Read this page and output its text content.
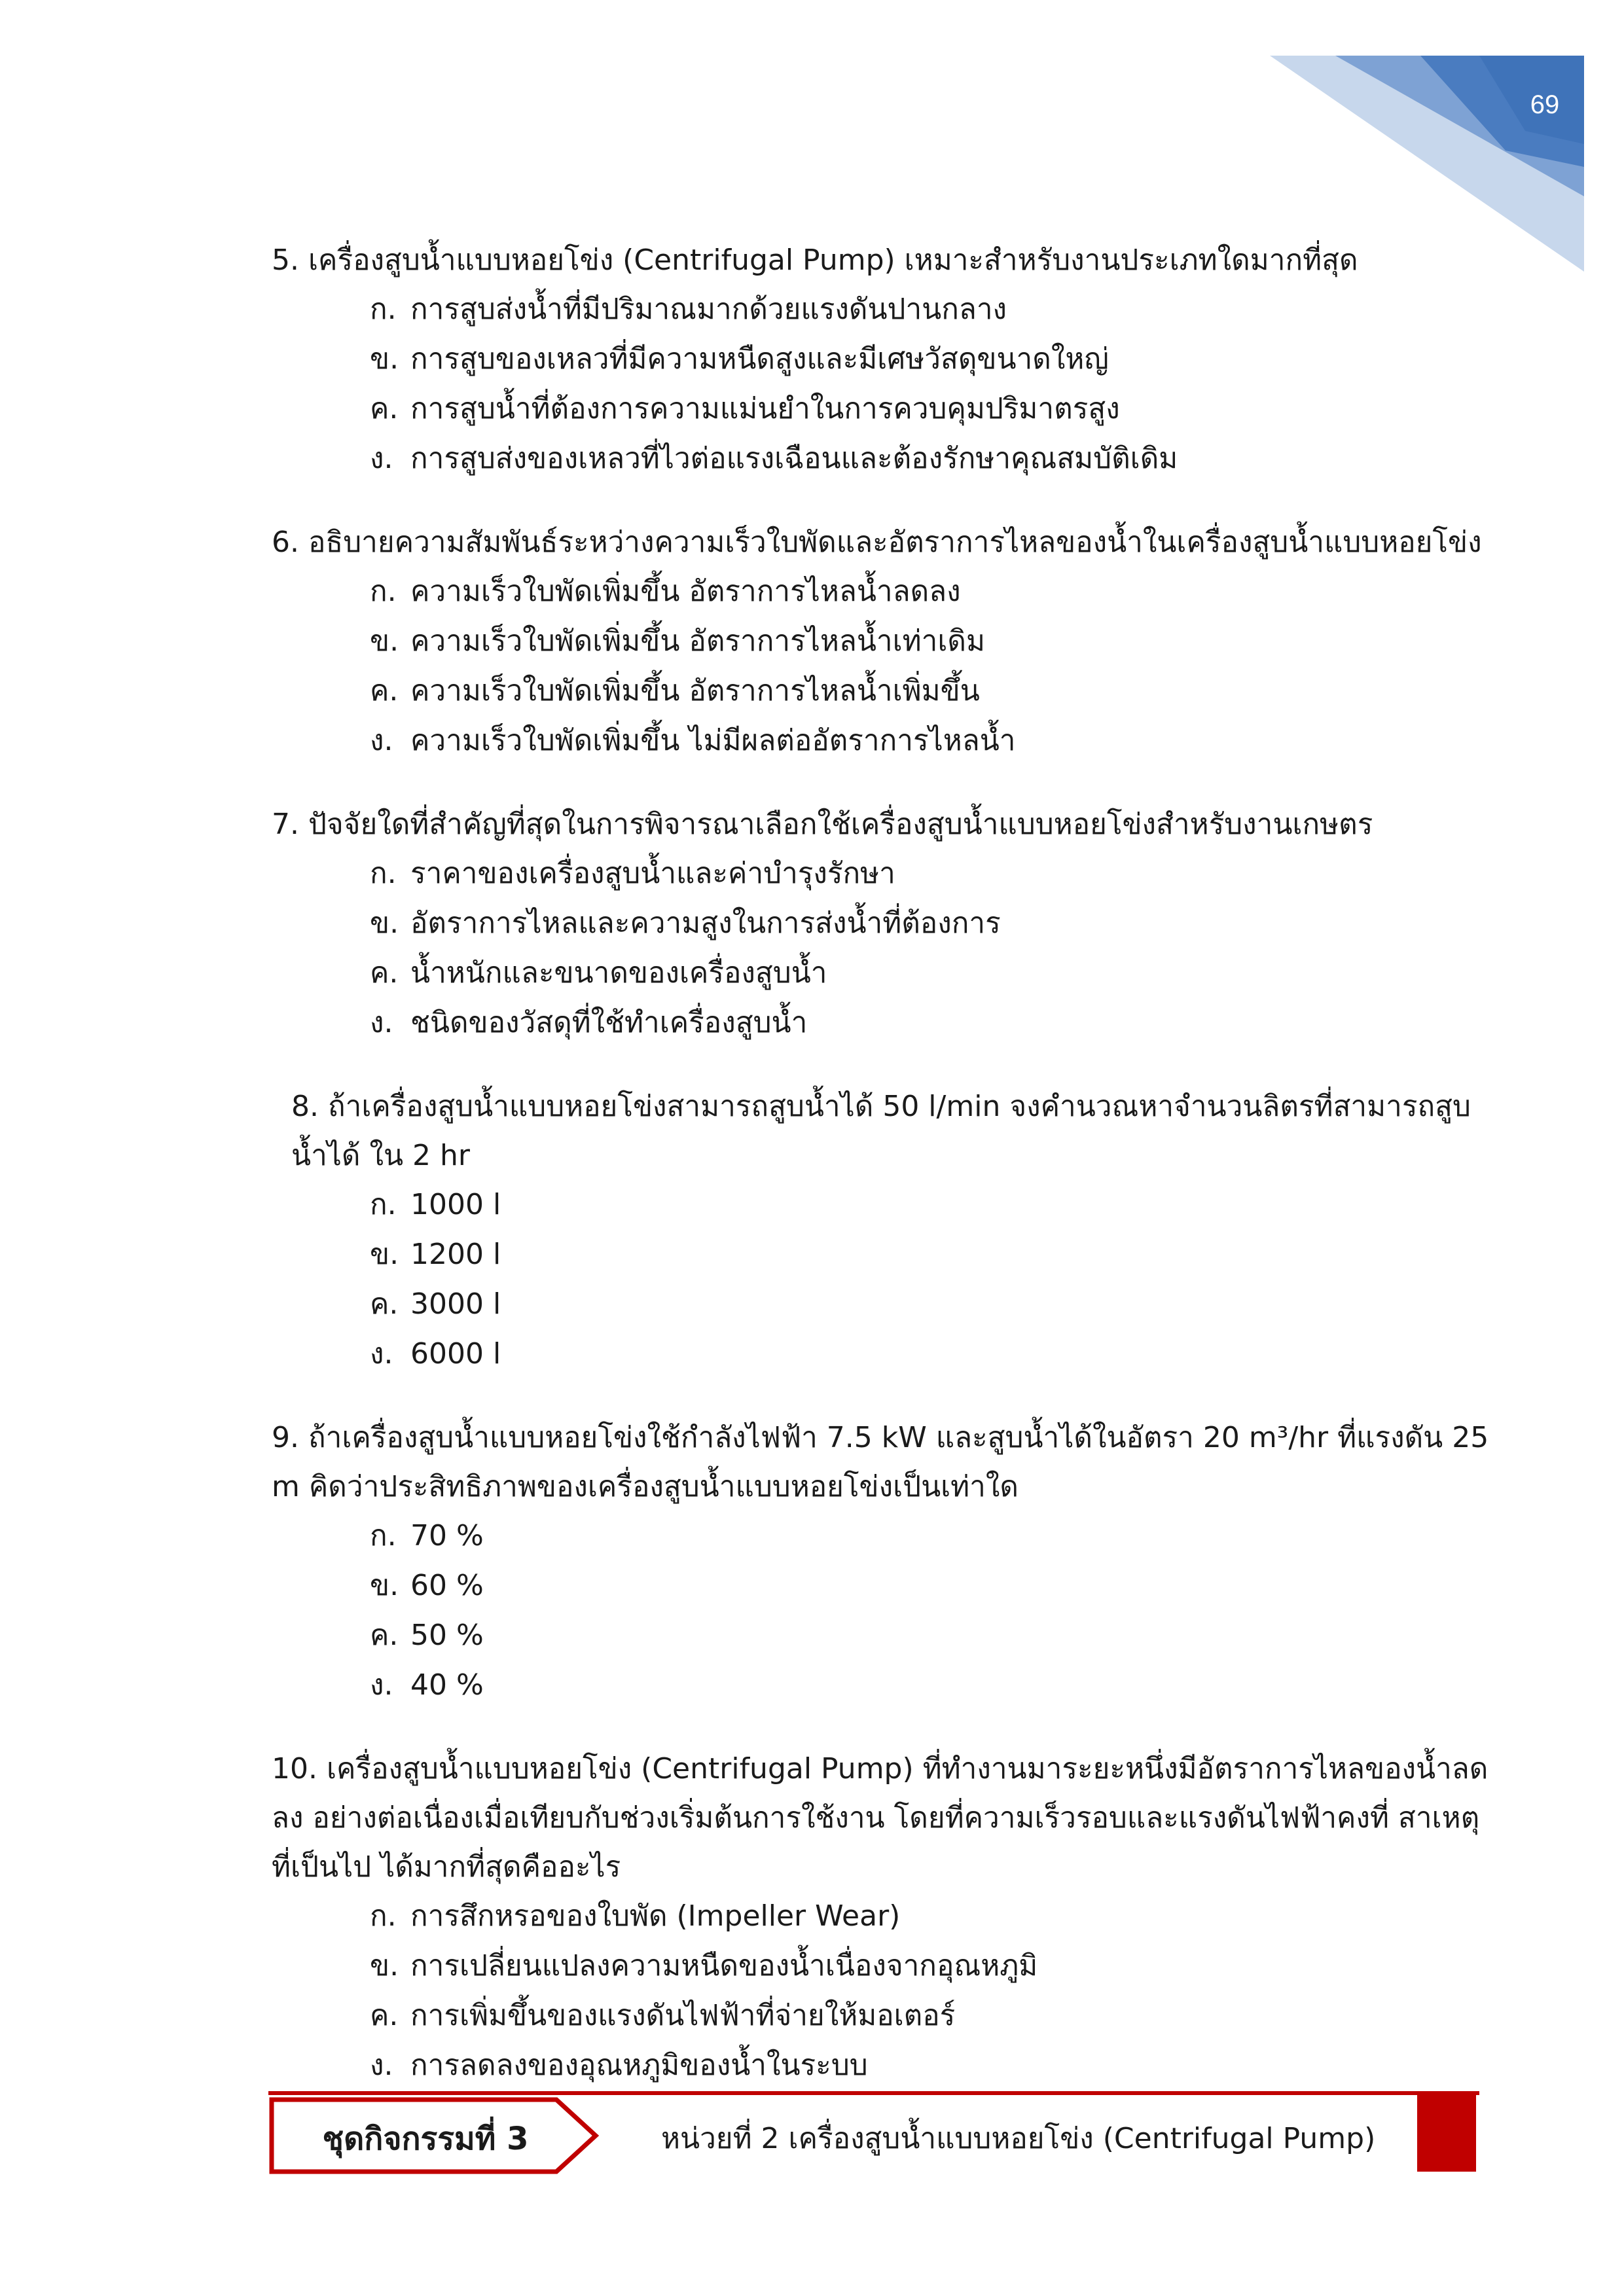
69

5. เครื่องสูบน้ำแบบหอยโข่ง (Centrifugal Pump) เหมาะสำหรับงานประเภทใดมากที่สุด

ก. การสูบส่งน้ำที่มีปริมาณมากด้วยแรงดันปานกลาง
ข. การสูบของเหลวที่มีความหนืดสูงและมีเศษวัสดุขนาดใหญ่
ค. การสูบน้ำที่ต้องการความแม่นยำในการควบคุมปริมาตรสูง
ง. การสูบส่งของเหลวที่ไวต่อแรงเฉือนและต้องรักษาคุณสมบัติเดิม

6. อธิบายความสัมพันธ์ระหว่างความเร็วใบพัดและอัตราการไหลของน้ำในเครื่องสูบน้ำแบบหอยโข่ง

ก. ความเร็วใบพัดเพิ่มขึ้น อัตราการไหลน้ำลดลง
ข. ความเร็วใบพัดเพิ่มขึ้น อัตราการไหลน้ำเท่าเดิม
ค. ความเร็วใบพัดเพิ่มขึ้น อัตราการไหลน้ำเพิ่มขึ้น
ง. ความเร็วใบพัดเพิ่มขึ้น ไม่มีผลต่ออัตราการไหลน้ำ

7. ปัจจัยใดที่สำคัญที่สุดในการพิจารณาเลือกใช้เครื่องสูบน้ำแบบหอยโข่งสำหรับงานเกษตร

ก. ราคาของเครื่องสูบน้ำและค่าบำรุงรักษา
ข. อัตราการไหลและความสูงในการส่งน้ำที่ต้องการ
ค. น้ำหนักและขนาดของเครื่องสูบน้ำ
ง. ชนิดของวัสดุที่ใช้ทำเครื่องสูบน้ำ

8. ถ้าเครื่องสูบน้ำแบบหอยโข่งสามารถสูบน้ำได้ 50 l/min จงคำนวณหาจำนวนลิตรที่สามารถสูบน้ำได้ ใน 2 hr

ก. 1000 l
ข. 1200 l
ค. 3000 l
ง. 6000 l

9. ถ้าเครื่องสูบน้ำแบบหอยโข่งใช้กำลังไฟฟ้า 7.5 kW และสูบน้ำได้ในอัตรา 20 m³/hr ที่แรงดัน 25 m คิดว่าประสิทธิภาพของเครื่องสูบน้ำแบบหอยโข่งเป็นเท่าใด

ก. 70 %
ข. 60 %
ค. 50 %
ง. 40 %

10. เครื่องสูบน้ำแบบหอยโข่ง (Centrifugal Pump) ที่ทำงานมาระยะหนึ่งมีอัตราการไหลของน้ำลดลง อย่างต่อเนื่องเมื่อเทียบกับช่วงเริ่มต้นการใช้งาน โดยที่ความเร็วรอบและแรงดันไฟฟ้าคงที่ สาเหตุที่เป็นไป ได้มากที่สุดคืออะไร

ก. การสึกหรอของใบพัด (Impeller Wear)
ข. การเปลี่ยนแปลงความหนืดของน้ำเนื่องจากอุณหภูมิ
ค. การเพิ่มขึ้นของแรงดันไฟฟ้าที่จ่ายให้มอเตอร์
ง. การลดลงของอุณหภูมิของน้ำในระบบ
ชุดกิจกรรมที่ 3	หน่วยที่ 2 เครื่องสูบน้ำแบบหอยโข่ง (Centrifugal Pump)
